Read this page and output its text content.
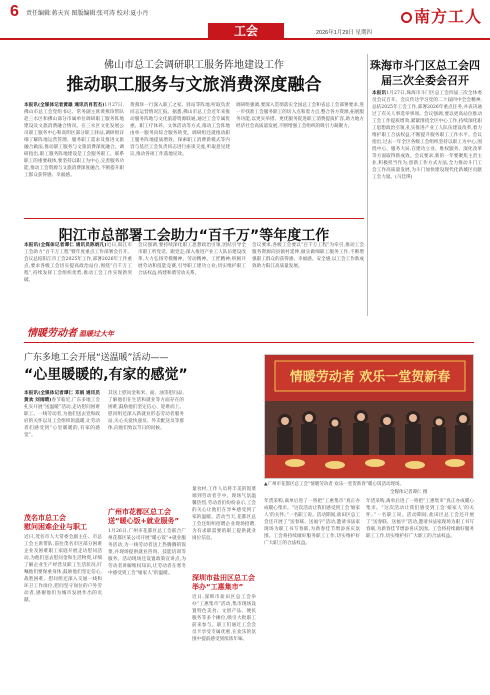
6 责任编辑:蒋天宾 图版编辑:张可涛 校对:夏小丹
工会	2026年1月29日 星期四
南方工人
佛山市总工会调研职工服务阵地建设工作
推动职工服务与文旅消费深度融合
本报讯(全媒体记者黄雄 通讯员肖若杰)1月27日,佛山市总工会党组书记、常务副主席黄燕珍带队赴三水区和佛山部分市属单位调研职工服务阵地建设及文旅消费融合情况。在三水区文化发展公司职工服务中心和高明区部分职工驿站,调研组详细了解阵地运营管理、服务职工需求及推进文旅融合做法,推动职工服务与文旅消费深度融合。调研指出,职工服务阵地建设是工会服务职工、联系职工的重要载体,要坚持以职工为中心,完善服务功能,推动工会资源与文旅消费深度融合,不断提升职工群众获得感、幸福感。
黄燕珍一行深入职工之家、驿站等阵地,听取负责同志运营情况汇报。据悉,佛山市总工会近年来推动服务阵地与文化旅游资源联通,通过工会专属优惠、职工疗休养、文体活动等方式,推动工会阵地由单一服务向综合服务转变。调研组还就推动职工服务阵地提质增效、探索职工消费新模式等内容与基层工会负责同志进行座谈交流,听取意见建议,推动各项工作落地见效。
调研组强调,要深入贯彻落实全国总工会和省总工会部署要求,进一步找准工会服务职工的切入点和着力点,整合各方资源,拓展服务功能,以更实举措、更优服务促进职工消费提质扩容,助力地方经济社会高质量发展,不断增强工会组织的吸引力凝聚力。
珠海市斗门区总工会四届三次全委会召开
本报讯1月27日,珠海市斗门区总工会四届三次全体委员会议召开。会议传达学习党的二十届四中全会精神,总结2025年工会工作,部署2026年重点任务,并表决通过了有关人事选举事项。会议强调,要以更高站位推动工会工作提质增效,紧紧围绕全区中心工作,持续深化职工思想政治引领,扎实推进产业工人队伍建设改革,着力维护职工合法权益,不断提升服务职工工作水平。会议指出,过去一年全区各级工会组织坚持以职工为中心,围绕中心、服务大局,在建功立业、维权服务、深化改革等方面取得新成效。会议要求,新的一年要聚焦主责主业,积极担当作为,创新工作方式方法,全力推动斗门工会工作高质量发展,为斗门加快建设现代化新城区贡献工会力量。(马廷瑛)
阳江市总部署工会助力“百千万”等年度工作
本报讯(全媒体记者谭仁 通讯员陈炳凡)近日,阳江市工会助力“百千万工程”暨年度重点工作部署会召开。会议总结阳江市工会2025年工作,部署2026年工作重点,要求各级工会切实提高政治站位,围绕“百千万工程”,持续发挥工会组织优势,推动工会工作实现新突破。
会议强调,要持续深化职工思想政治引领,团结引导全市职工听党话、跟党走;深入推进产业工人队伍建设改革,大力弘扬劳模精神、劳动精神、工匠精神;积极开展劳动和技能竞赛,引导职工建功立业;切实维护职工合法权益,构建和谐劳动关系。
会议要求,各级工会要以“百千万工程”为牵引,推动工会服务资源向县镇村延伸,做实做细职工服务工作,不断增强职工群众的获得感、幸福感、安全感,以工会工作新成效助力阳江高质量发展。
情暖劳动者 温暖过大年
广东多地工会开展“送温暖”活动——
“心里暖暖的,有家的感觉”
本报讯(全媒体记者谭仁 邓娟 通讯员 黄欢 刘雨晴)春节临近,广东多地工会扎实开展“送温暖”活动,走访慰问困难职工、一线劳动者,为他们送去党和政府的关怀以及工会组织的温暖,让劳动者们感受到“心里暖暖的,有家的感觉”。
茂名市总工会
慰问困难企业与职工
近日,茂名市人大常委会副主任、市总工会主席带队,前往茂名市区部分困难企业及困难职工家庭开展走访慰问活动,为他们送去慰问金和生活物资,详细了解企业生产经营及职工生活状况,叮嘱他们要保重身体,鼓励他们坚定信心,战胜困难。慰问组还深入交通一线和环卫工作岗位,慰问坚守岗位的户外劳动者,感谢他们为城市发展作出的贡献。
其送上慰问金和米、面、油等慰问品,了解他们在生活和就业等方面存在的困难,鼓励他们坚定信心、迎难而上。慰问组还深入新就业形态劳动者服务站,关心关爱快递员、外卖配送员等群体,向他们致以节日的问候。
广州市花都区总工会
送“暖心饭+就业服务”
1月26日,广州市花都区总工会联合广州花都区某公司开展“暖心饭”+就业服务活动,为一线劳动者送上热腾腾的饭菜,并现场提供就业咨询、技能培训等服务。活动现场还设置政策宣讲点,为劳动者讲解维权知识,让劳动者在寒冬中感受到工会“娘家人”的温暖。
量食材,工作人员将丰美的饭菜端到劳动者手中。现场气氛温馨热烈,劳动者们纷纷表示,工会的关心让他们在异乡感受到了家的温暖。活动当天,花都区总工会还组织招聘企业现场招聘,为有求职需要的职工提供就业岗位信息。
深圳市盐田区总工会
举办“工惠集市”
近日,深圳市盐田区总工会举办“工惠集市”活动,集市现场设置特色美食、文创产品、便民服务等多个摊位,吸引大批职工前来参与。职工们通过工会会员卡享受专属优惠,在欢乐的氛围中提前感受到浓浓年味。
年货采购,离单后进了一将把“工惠集市”真正办成暖心集市。“这次活动让我们感受到工会‘娘家人’的关怀。”一名职工说。活动期间,盐田区总工会还开展了“送春联、送福字”活动,邀请书法家现场为职工书写春联,为新春佳节增添喜庆氛围。工会将持续做好服务职工工作,切实维护好广大职工的合法权益。
年货采购,离单后进了一将把“工惠集市”真正办成暖心集市。“这次活动让我们感受到工会‘娘家人’的关怀。”一名职工说。活动期间,盐田区总工会还开展了“送春联、送福字”活动,邀请书法家现场为职工书写春联,为新春佳节增添喜庆氛围。工会将持续做好服务职工工作,切实维护好广大职工的合法权益。
情暖劳动者 欢乐一堂贺新春
▲广州市花都区总工会“情暖劳动者 欢乐一堂贺新春”暖心饭活动现场。
全媒体记者谭仁 摄
